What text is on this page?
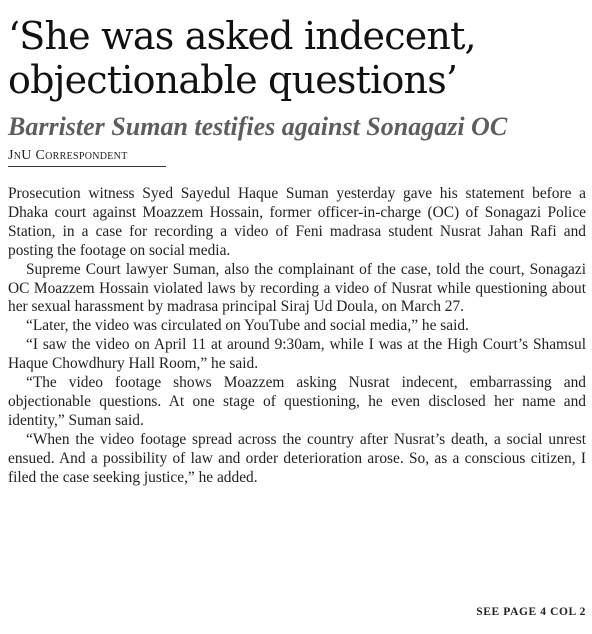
‘She was asked indecent,
objectionable questions’
Barrister Suman testifies against Sonagazi OC
JnU Correspondent

Prosecution witness Syed Sayedul Haque Suman yesterday gave his statement before a Dhaka court against Moazzem Hossain, former officer-in-charge (OC) of Sonagazi Police Station, in a case for recording a video of Feni madrasa student Nusrat Jahan Rafi and posting the footage on social media.

Supreme Court lawyer Suman, also the complainant of the case, told the court, Sonagazi OC Moazzem Hossain violated laws by recording a video of Nusrat while questioning about her sexual harassment by madrasa principal Siraj Ud Doula, on March 27.

“Later, the video was circulated on YouTube and social media,” he said.

“I saw the video on April 11 at around 9:30am, while I was at the High Court’s Shamsul Haque Chowdhury Hall Room,” he said.

“The video footage shows Moazzem asking Nusrat indecent, embarrassing and objectionable questions. At one stage of questioning, he even disclosed her name and identity,” Suman said.

“When the video footage spread across the country after Nusrat’s death, a social unrest ensued. And a possibility of law and order deterioration arose. So, as a conscious citizen, I filed the case seeking justice,” he added.

SEE PAGE 4 COL 2
